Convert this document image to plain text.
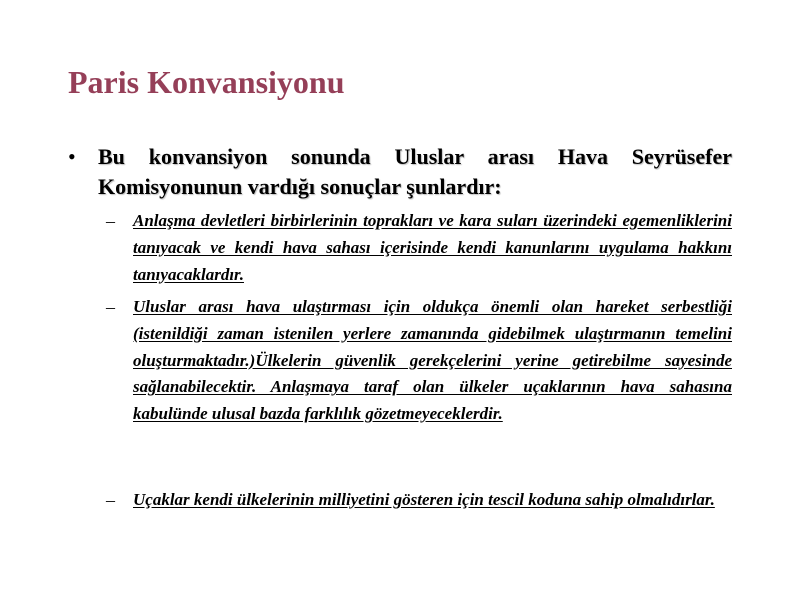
Paris Konvansiyonu
• Bu konvansiyon sonunda Uluslar arası Hava Seyrüsefer Komisyonunun vardığı sonuçlar şunlardır:

– Anlaşma devletleri birbirlerinin toprakları ve kara suları üzerindeki egemenliklerini tanıyacak ve kendi hava sahası içerisinde kendi kanunlarını uygulama hakkını tanıyacaklardır.

– Uluslar arası hava ulaştırması için oldukça önemli olan hareket serbestliği (istenildiği zaman istenilen yerlere zamanında gidebilmek ulaştırmanın temelini oluşturmaktadır.)Ülkelerin güvenlik gerekçelerini yerine getirebilme sayesinde sağlanabilecektir. Anlaşmaya taraf olan ülkeler uçaklarının hava sahasına kabulünde ulusal bazda farklılık gözetmeyeceklerdir.

– Uçaklar kendi ülkelerinin milliyetini gösteren için tescil koduna sahip olmalıdırlar.
